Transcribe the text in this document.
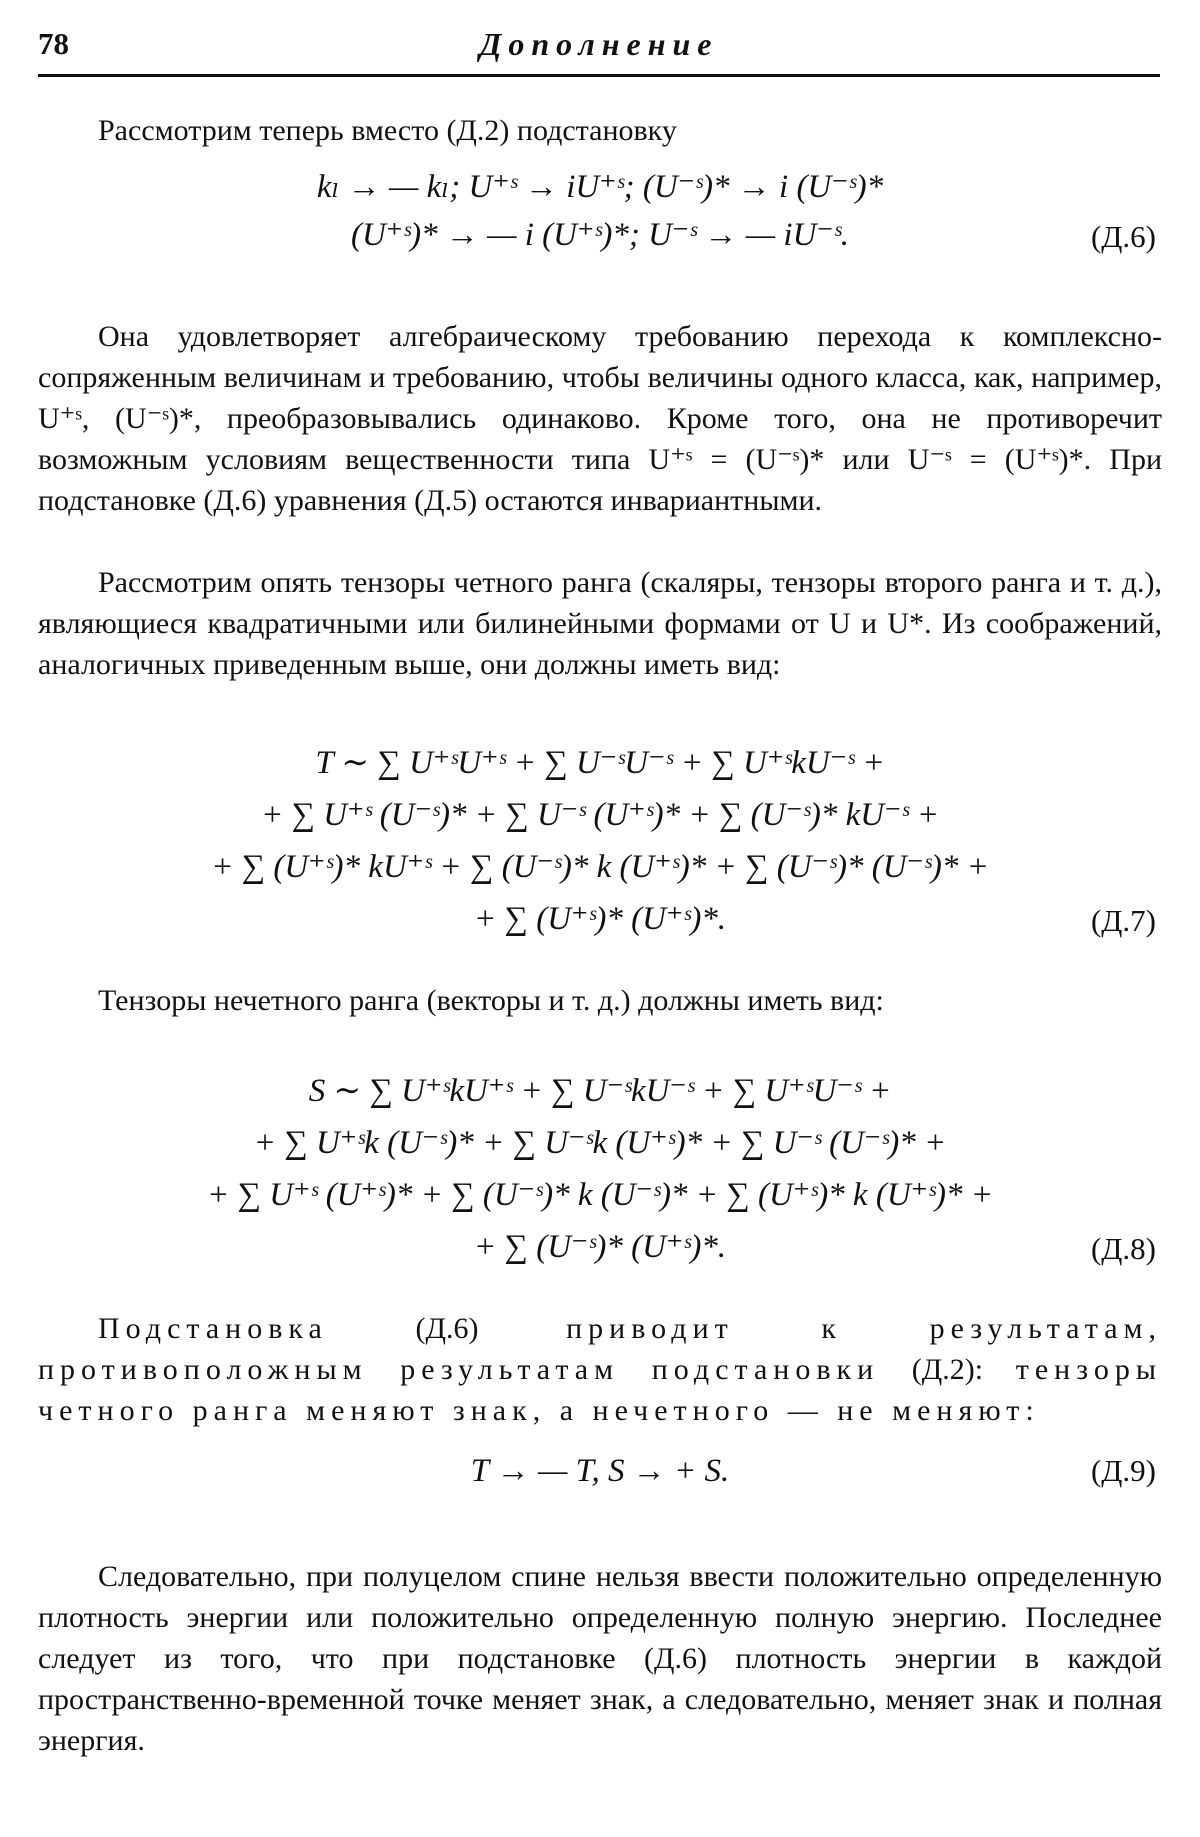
78	Дополнение
Рассмотрим теперь вместо (Д.2) подстановку
kₗ → — kₗ; U⁺ˢ → iU⁺ˢ; (U⁻ˢ)* → i (U⁻ˢ)*
(U⁺ˢ)* → — i (U⁺ˢ)*; U⁻ˢ → — iU⁻ˢ.	(Д.6)
Она удовлетворяет алгебраическому требованию перехода к комплексно-сопряженным величинам и требованию, чтобы величины одного класса, как, например, U⁺ˢ, (U⁻ˢ)*, преобразовывались одинаково. Кроме того, она не противоречит возможным условиям вещественности типа U⁺ˢ = (U⁻ˢ)* или U⁻ˢ = (U⁺ˢ)*. При подстановке (Д.6) уравнения (Д.5) остаются инвариантными.
Рассмотрим опять тензоры четного ранга (скаляры, тензоры второго ранга и т. д.), являющиеся квадратичными или билинейными формами от U и U*. Из соображений, аналогичных приведенным выше, они должны иметь вид:
T ∼ ∑ U⁺ˢU⁺ˢ + ∑ U⁻ˢU⁻ˢ + ∑ U⁺ˢkU⁻ˢ +
+ ∑ U⁺ˢ (U⁻ˢ)* + ∑ U⁻ˢ (U⁺ˢ)* + ∑ (U⁻ˢ)* kU⁻ˢ +
+ ∑ (U⁺ˢ)* kU⁺ˢ + ∑ (U⁻ˢ)* k (U⁺ˢ)* + ∑ (U⁻ˢ)* (U⁻ˢ)* +
+ ∑ (U⁺ˢ)* (U⁺ˢ)*.	(Д.7)
Тензоры нечетного ранга (векторы и т. д.) должны иметь вид:
S ∼ ∑ U⁺ˢkU⁺ˢ + ∑ U⁻ˢkU⁻ˢ + ∑ U⁺ˢU⁻ˢ +
+ ∑ U⁺ˢk (U⁻ˢ)* + ∑ U⁻ˢk (U⁺ˢ)* + ∑ U⁻ˢ (U⁻ˢ)* +
+ ∑ U⁺ˢ (U⁺ˢ)* + ∑ (U⁻ˢ)* k (U⁻ˢ)* + ∑ (U⁺ˢ)* k (U⁺ˢ)* +
+ ∑ (U⁻ˢ)* (U⁺ˢ)*.	(Д.8)
Подстановка	(Д.6)	приводит к результатам, противоположным результатам подстановки (Д.2): тензоры четного ранга меняют знак, а нечетного — не меняют:
T → — T, S → + S.	(Д.9)
Следовательно, при полуцелом спине нельзя ввести положительно определенную плотность энергии или положительно определенную полную энергию. Последнее следует из того, что при подстановке (Д.6) плотность энергии в каждой пространственно-временной точке меняет знак, а следовательно, меняет знак и полная энергия.
